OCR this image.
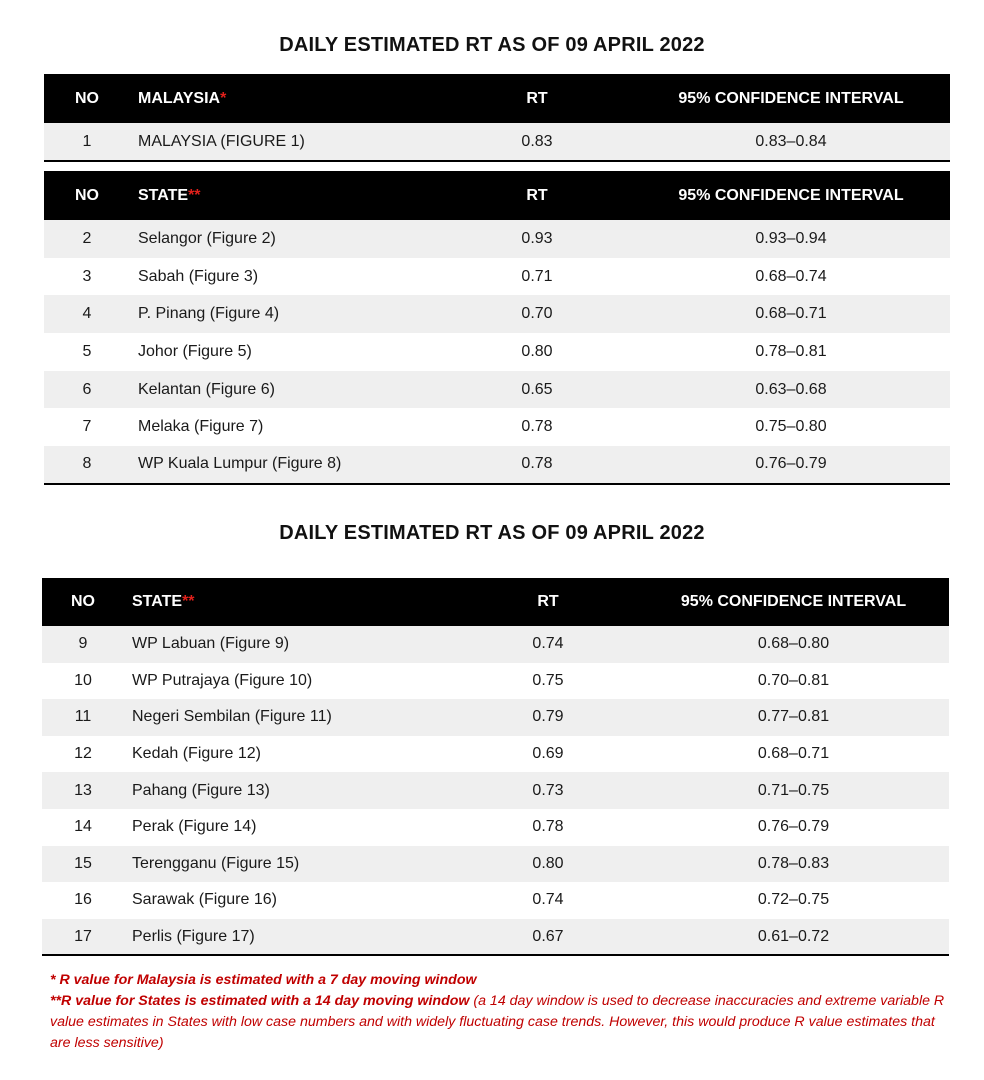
DAILY ESTIMATED RT AS OF 09 APRIL 2022
NO	MALAYSIA*	RT	95% CONFIDENCE INTERVAL
1	MALAYSIA (FIGURE 1)	0.83	0.83–0.84
NO	STATE**	RT	95% CONFIDENCE INTERVAL
2	Selangor (Figure 2)	0.93	0.93–0.94
3	Sabah (Figure 3)	0.71	0.68–0.74
4	P. Pinang (Figure 4)	0.70	0.68–0.71
5	Johor (Figure 5)	0.80	0.78–0.81
6	Kelantan (Figure 6)	0.65	0.63–0.68
7	Melaka (Figure 7)	0.78	0.75–0.80
8	WP Kuala Lumpur (Figure 8)	0.78	0.76–0.79
DAILY ESTIMATED RT AS OF 09 APRIL 2022
NO	STATE**	RT	95% CONFIDENCE INTERVAL
9	WP Labuan (Figure 9)	0.74	0.68–0.80
10	WP Putrajaya (Figure 10)	0.75	0.70–0.81
11	Negeri Sembilan (Figure 11)	0.79	0.77–0.81
12	Kedah (Figure 12)	0.69	0.68–0.71
13	Pahang (Figure 13)	0.73	0.71–0.75
14	Perak (Figure 14)	0.78	0.76–0.79
15	Terengganu (Figure 15)	0.80	0.78–0.83
16	Sarawak (Figure 16)	0.74	0.72–0.75
17	Perlis (Figure 17)	0.67	0.61–0.72
* R value for Malaysia is estimated with a 7 day moving window
**R value for States is estimated with a 14 day moving window (a 14 day window is used to decrease inaccuracies and extreme variable R value estimates in States with low case numbers and with widely fluctuating case trends. However, this would produce R value estimates that are less sensitive)
